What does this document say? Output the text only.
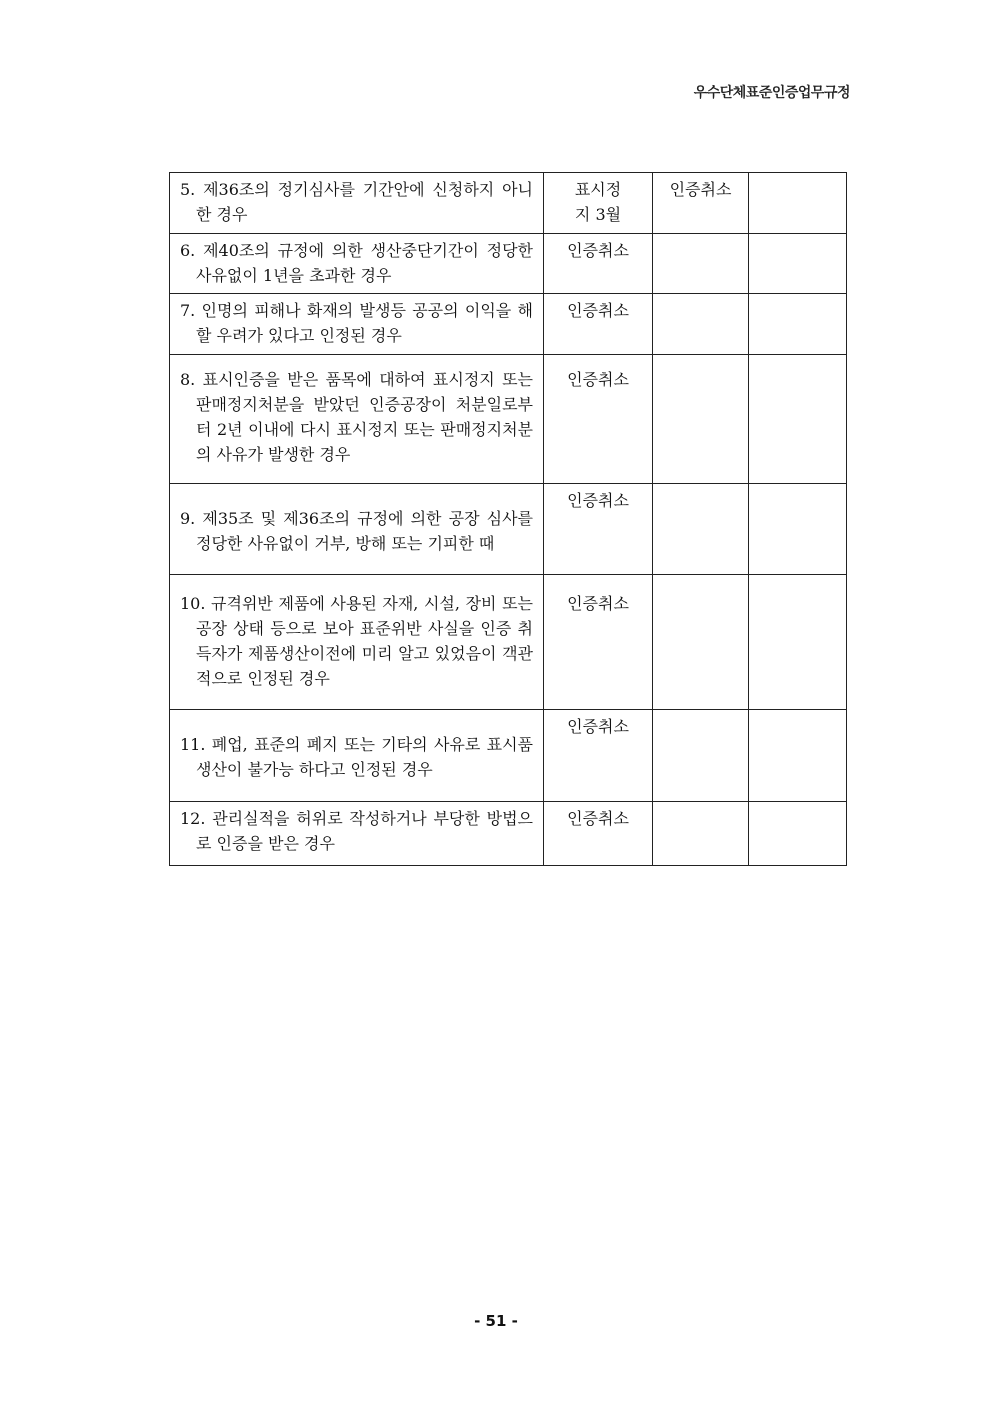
우수단체표준인증업무규정
5. 제36조의 정기심사를 기간안에 신청하지 아니한 경우	표시정지 3월	인증취소	

6. 제40조의 규정에 의한 생산중단기간이 정당한 사유없이 1년을 초과한 경우	인증취소		

7. 인명의 피해나 화재의 발생등 공공의 이익을 해할 우려가 있다고 인정된 경우	인증취소		

8. 표시인증을 받은 품목에 대하여 표시정지 또는 판매정지처분을 받았던 인증공장이 처분일로부터 2년 이내에 다시 표시정지 또는 판매정지처분의 사유가 발생한 경우	인증취소		

9. 제35조 및 제36조의 규정에 의한 공장 심사를 정당한 사유없이 거부, 방해 또는 기피한 때	인증취소		

10. 규격위반 제품에 사용된 자재, 시설, 장비 또는 공장 상태 등으로 보아 표준위반 사실을 인증 취득자가 제품생산이전에 미리 알고 있었음이 객관적으로 인정된 경우	인증취소		

11. 폐업, 표준의 폐지 또는 기타의 사유로 표시품 생산이 불가능 하다고 인정된 경우	인증취소		

12. 관리실적을 허위로 작성하거나 부당한 방법으로 인증을 받은 경우	인증취소		
- 51 -
